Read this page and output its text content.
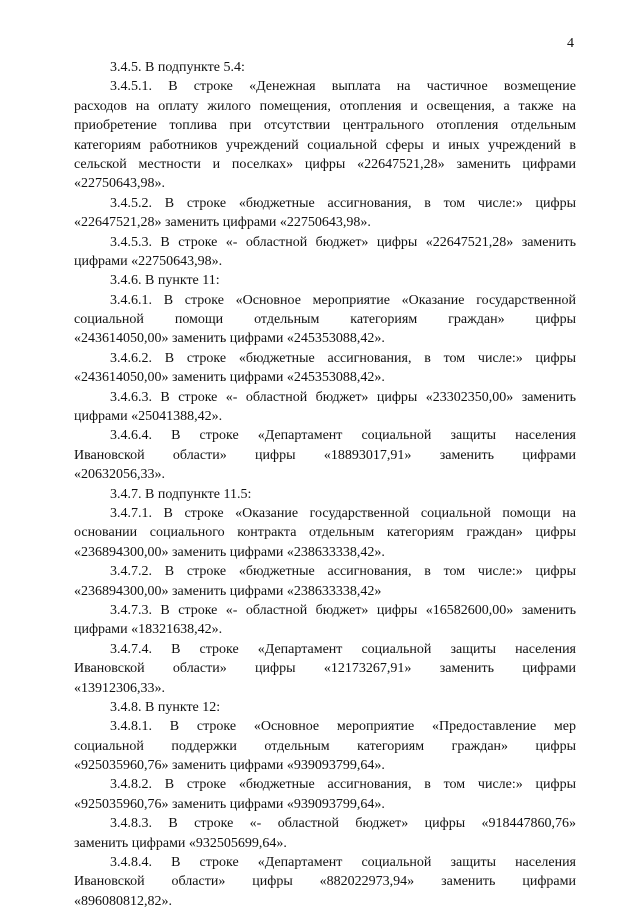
4
3.4.5. В подпункте 5.4:
3.4.5.1. В строке «Денежная выплата на частичное возмещение
расходов на оплату жилого помещения, отопления и освещения, а также на
приобретение топлива при отсутствии центрального отопления отдельным
категориям работников учреждений социальной сферы и иных учреждений в
сельской местности и поселках» цифры «22647521,28» заменить цифрами
«22750643,98».
3.4.5.2. В строке «бюджетные ассигнования, в том числе:» цифры
«22647521,28» заменить цифрами «22750643,98».
3.4.5.3. В строке «- областной бюджет» цифры «22647521,28» заменить
цифрами «22750643,98».
3.4.6. В пункте 11:
3.4.6.1. В строке «Основное мероприятие «Оказание государственной
социальной помощи отдельным категориям граждан» цифры
«243614050,00» заменить цифрами «245353088,42».
3.4.6.2. В строке «бюджетные ассигнования, в том числе:» цифры
«243614050,00» заменить цифрами «245353088,42».
3.4.6.3. В строке «- областной бюджет» цифры «23302350,00» заменить
цифрами «25041388,42».
3.4.6.4. В строке «Департамент социальной защиты населения
Ивановской области» цифры «18893017,91» заменить цифрами
«20632056,33».
3.4.7. В подпункте 11.5:
3.4.7.1. В строке «Оказание государственной социальной помощи на
основании социального контракта отдельным категориям граждан» цифры
«236894300,00» заменить цифрами «238633338,42».
3.4.7.2. В строке «бюджетные ассигнования, в том числе:» цифры
«236894300,00» заменить цифрами «238633338,42»
3.4.7.3. В строке «- областной бюджет» цифры «16582600,00» заменить
цифрами «18321638,42».
3.4.7.4. В строке «Департамент социальной защиты населения
Ивановской области» цифры «12173267,91» заменить цифрами
«13912306,33».
3.4.8. В пункте 12:
3.4.8.1. В строке «Основное мероприятие «Предоставление мер
социальной поддержки отдельным категориям граждан» цифры
«925035960,76» заменить цифрами «939093799,64».
3.4.8.2. В строке «бюджетные ассигнования, в том числе:» цифры
«925035960,76» заменить цифрами «939093799,64».
3.4.8.3. В строке «- областной бюджет» цифры «918447860,76»
заменить цифрами «932505699,64».
3.4.8.4. В строке «Департамент социальной защиты населения
Ивановской области» цифры «882022973,94» заменить цифрами
«896080812,82».
